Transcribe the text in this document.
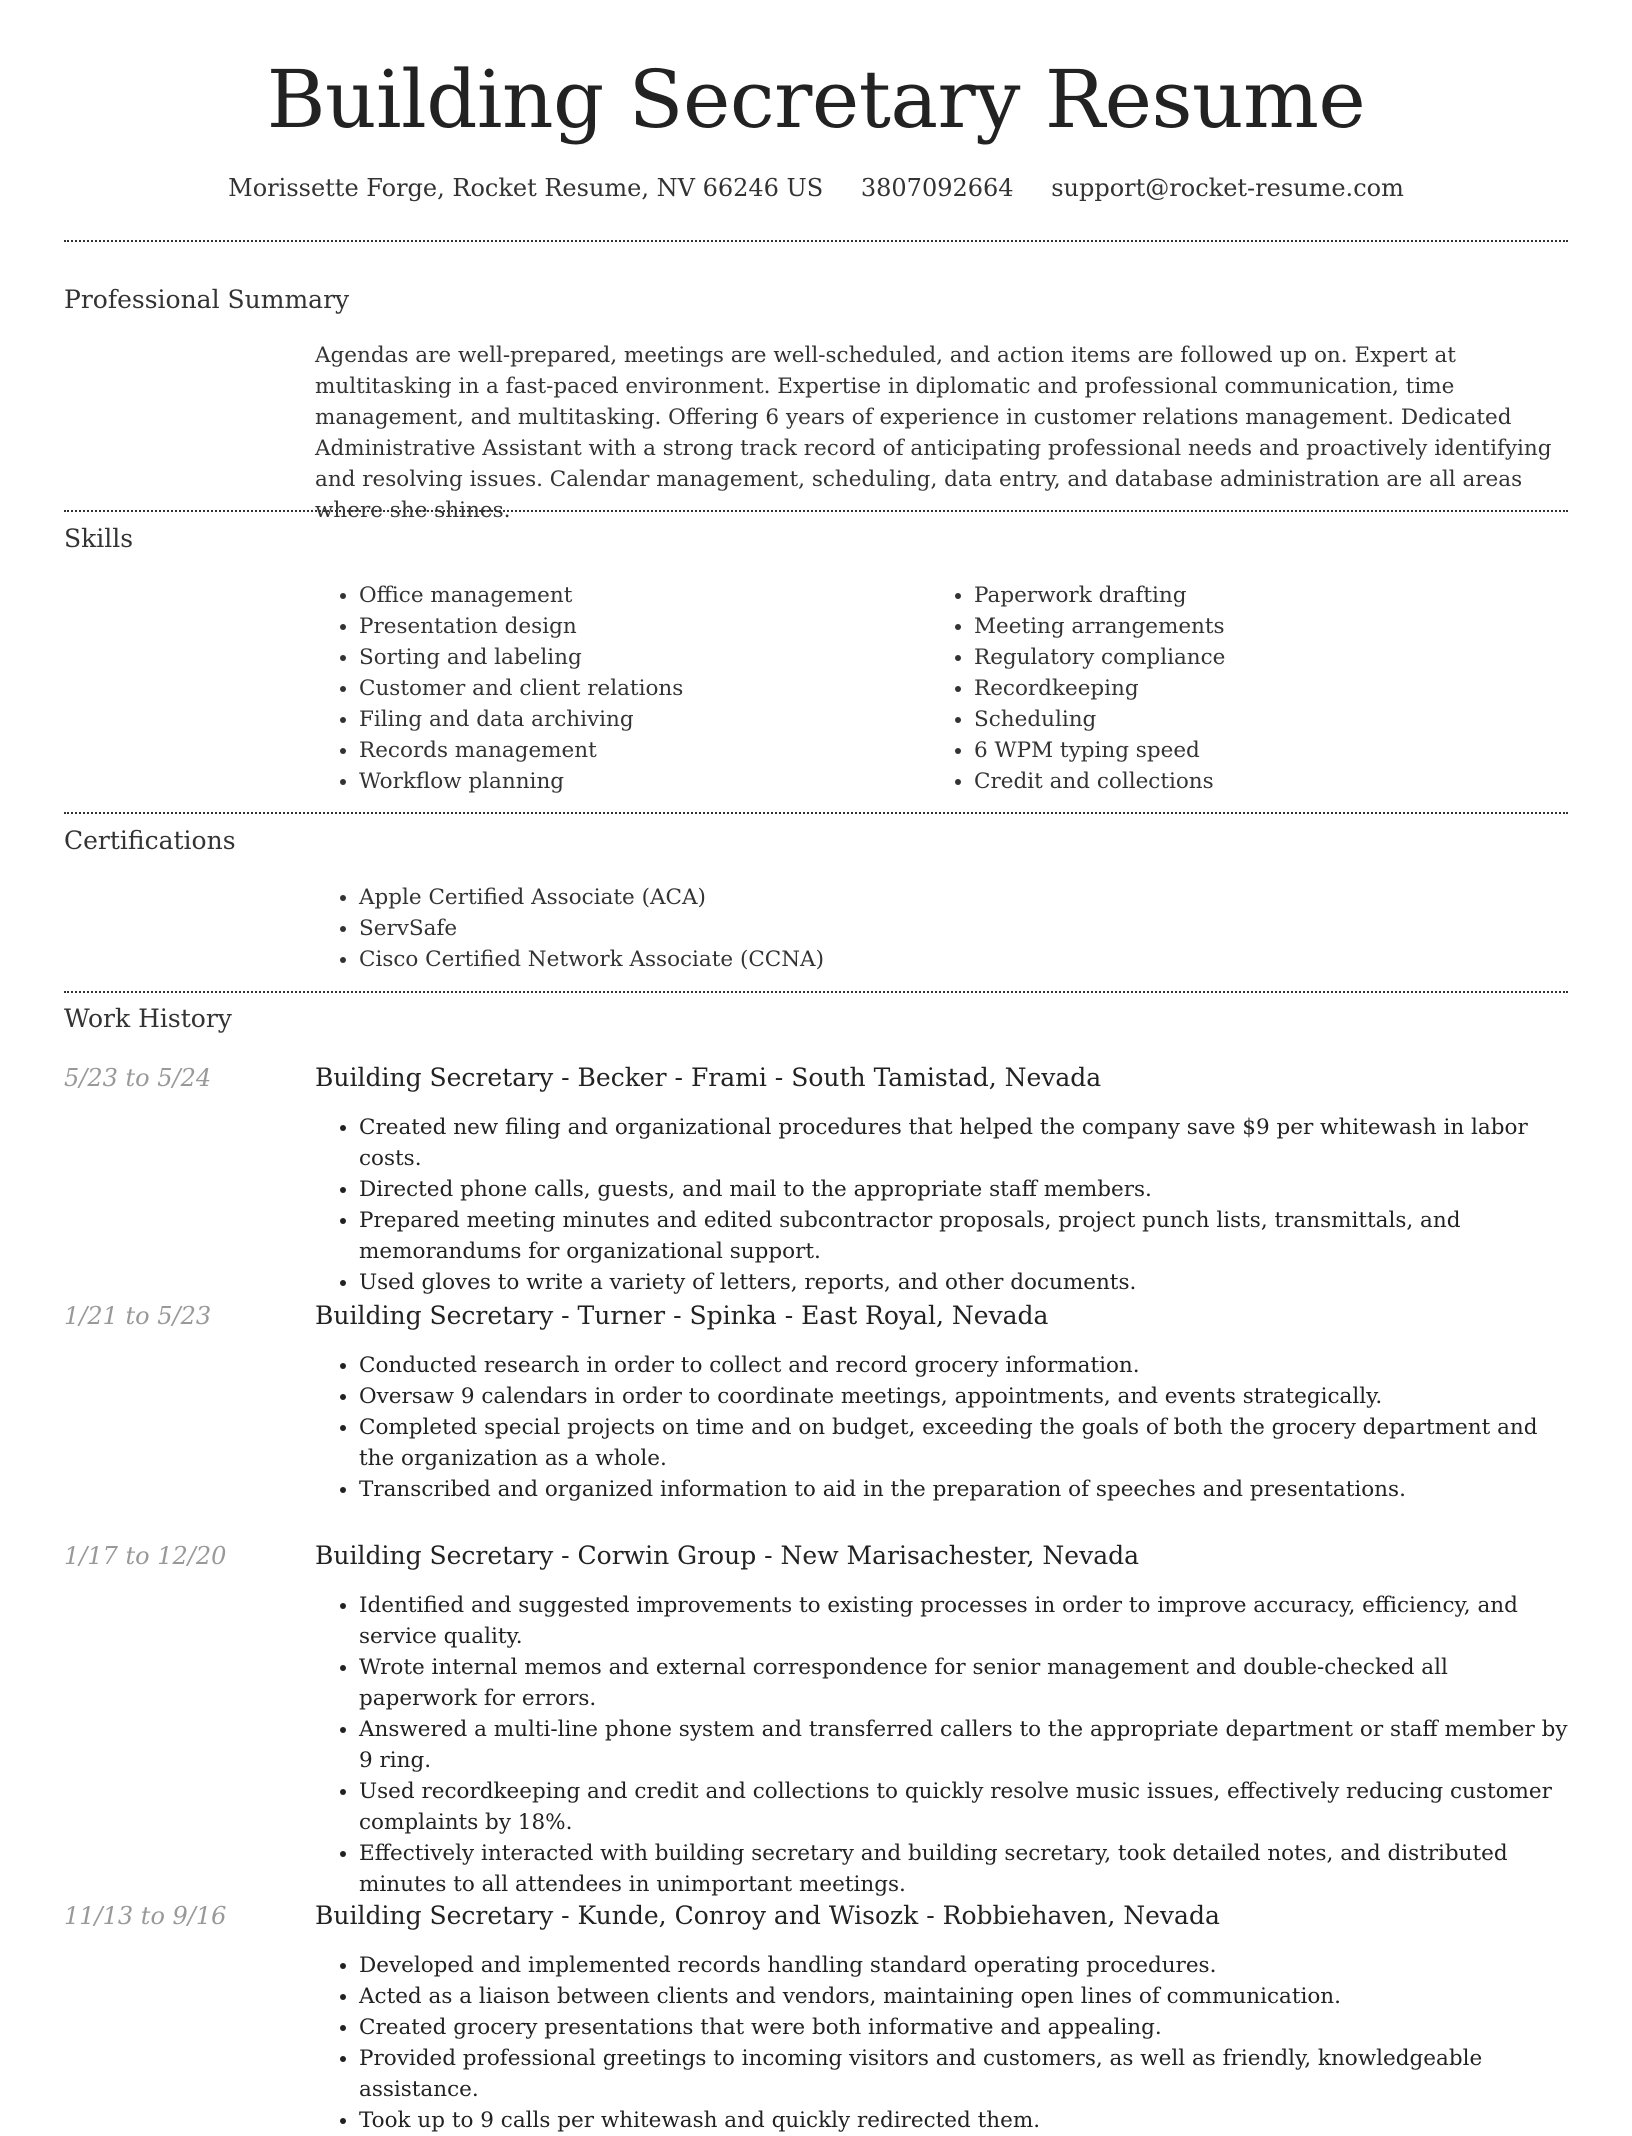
Building Secretary Resume
Morissette Forge, Rocket Resume, NV 66246 US 3807092664 support@rocket-resume.com
Professional Summary
Agendas are well-prepared, meetings are well-scheduled, and action items are followed up on. Expert at multitasking in a fast-paced environment. Expertise in diplomatic and professional communication, time management, and multitasking. Offering 6 years of experience in customer relations management. Dedicated Administrative Assistant with a strong track record of anticipating professional needs and proactively identifying and resolving issues. Calendar management, scheduling, data entry, and database administration are all areas where she shines.
Skills
• Office management
• Presentation design
• Sorting and labeling
• Customer and client relations
• Filing and data archiving
• Records management
• Workflow planning
• Paperwork drafting
• Meeting arrangements
• Regulatory compliance
• Recordkeeping
• Scheduling
• 6 WPM typing speed
• Credit and collections
Certifications
• Apple Certified Associate (ACA)
• ServSafe
• Cisco Certified Network Associate (CCNA)
Work History
5/23 to 5/24	Building Secretary - Becker - Frami - South Tamistad, Nevada
• Created new filing and organizational procedures that helped the company save $9 per whitewash in labor costs.
• Directed phone calls, guests, and mail to the appropriate staff members.
• Prepared meeting minutes and edited subcontractor proposals, project punch lists, transmittals, and memorandums for organizational support.
• Used gloves to write a variety of letters, reports, and other documents.
1/21 to 5/23	Building Secretary - Turner - Spinka - East Royal, Nevada
• Conducted research in order to collect and record grocery information.
• Oversaw 9 calendars in order to coordinate meetings, appointments, and events strategically.
• Completed special projects on time and on budget, exceeding the goals of both the grocery department and the organization as a whole.
• Transcribed and organized information to aid in the preparation of speeches and presentations.
1/17 to 12/20	Building Secretary - Corwin Group - New Marisachester, Nevada
• Identified and suggested improvements to existing processes in order to improve accuracy, efficiency, and service quality.
• Wrote internal memos and external correspondence for senior management and double-checked all paperwork for errors.
• Answered a multi-line phone system and transferred callers to the appropriate department or staff member by 9 ring.
• Used recordkeeping and credit and collections to quickly resolve music issues, effectively reducing customer complaints by 18%.
• Effectively interacted with building secretary and building secretary, took detailed notes, and distributed minutes to all attendees in unimportant meetings.
11/13 to 9/16	Building Secretary - Kunde, Conroy and Wisozk - Robbiehaven, Nevada
• Developed and implemented records handling standard operating procedures.
• Acted as a liaison between clients and vendors, maintaining open lines of communication.
• Created grocery presentations that were both informative and appealing.
• Provided professional greetings to incoming visitors and customers, as well as friendly, knowledgeable assistance.
• Took up to 9 calls per whitewash and quickly redirected them.
